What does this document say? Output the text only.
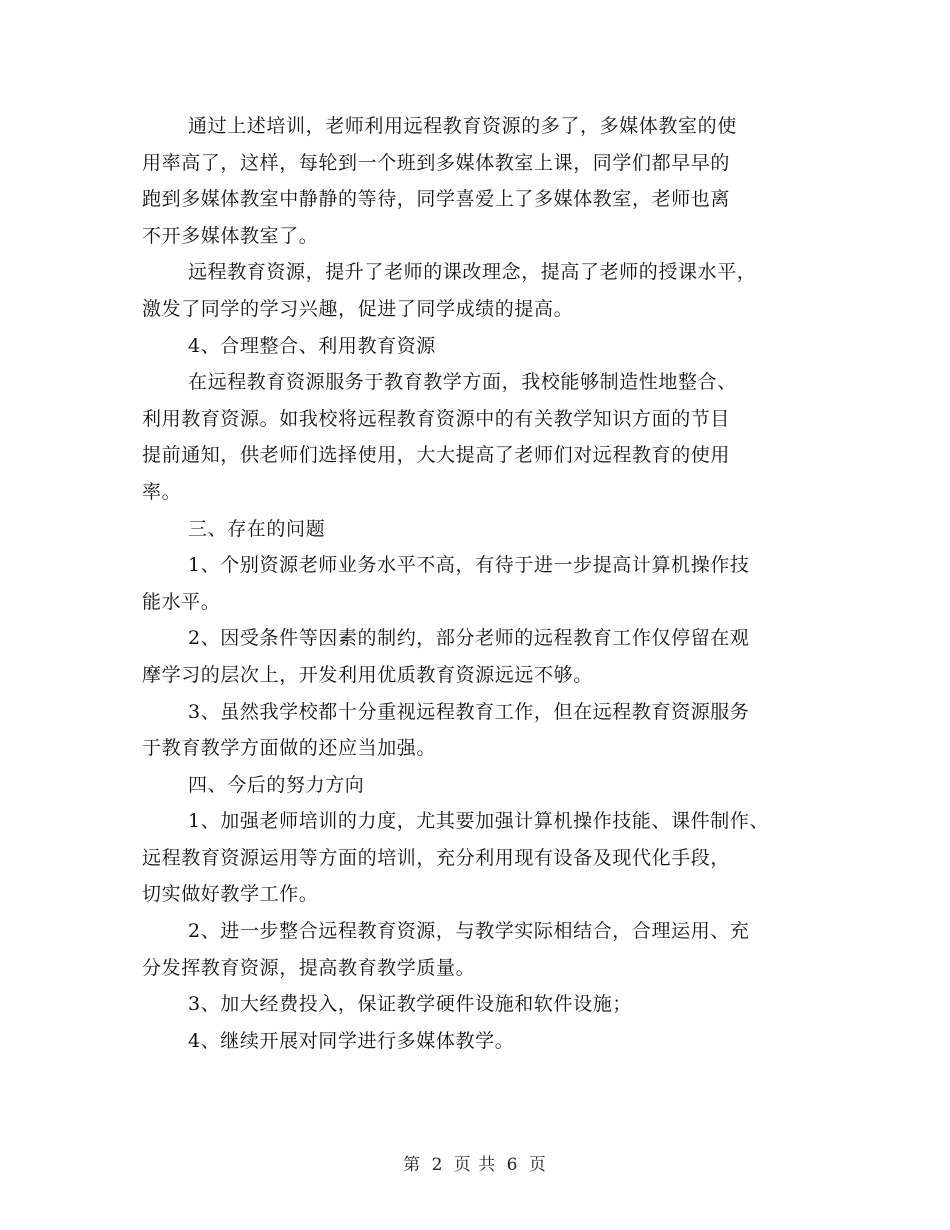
通过上述培训，老师利用远程教育资源的多了，多媒体教室的使
用率高了，这样，每轮到一个班到多媒体教室上课，同学们都早早的
跑到多媒体教室中静静的等待，同学喜爱上了多媒体教室，老师也离
不开多媒体教室了。
远程教育资源，提升了老师的课改理念，提高了老师的授课水平，
激发了同学的学习兴趣，促进了同学成绩的提高。
4、合理整合、利用教育资源
在远程教育资源服务于教育教学方面，我校能够制造性地整合、
利用教育资源。如我校将远程教育资源中的有关教学知识方面的节目
提前通知，供老师们选择使用，大大提高了老师们对远程教育的使用
率。
三、存在的问题
1、个别资源老师业务水平不高，有待于进一步提高计算机操作技
能水平。
2、因受条件等因素的制约，部分老师的远程教育工作仅停留在观
摩学习的层次上，开发利用优质教育资源远远不够。
3、虽然我学校都十分重视远程教育工作，但在远程教育资源服务
于教育教学方面做的还应当加强。
四、今后的努力方向
1、加强老师培训的力度，尤其要加强计算机操作技能、课件制作、
远程教育资源运用等方面的培训，充分利用现有设备及现代化手段，
切实做好教学工作。
2、进一步整合远程教育资源，与教学实际相结合，合理运用、充
分发挥教育资源，提高教育教学质量。
3、加大经费投入，保证教学硬件设施和软件设施；
4、继续开展对同学进行多媒体教学。
第 2 页 共 6 页
